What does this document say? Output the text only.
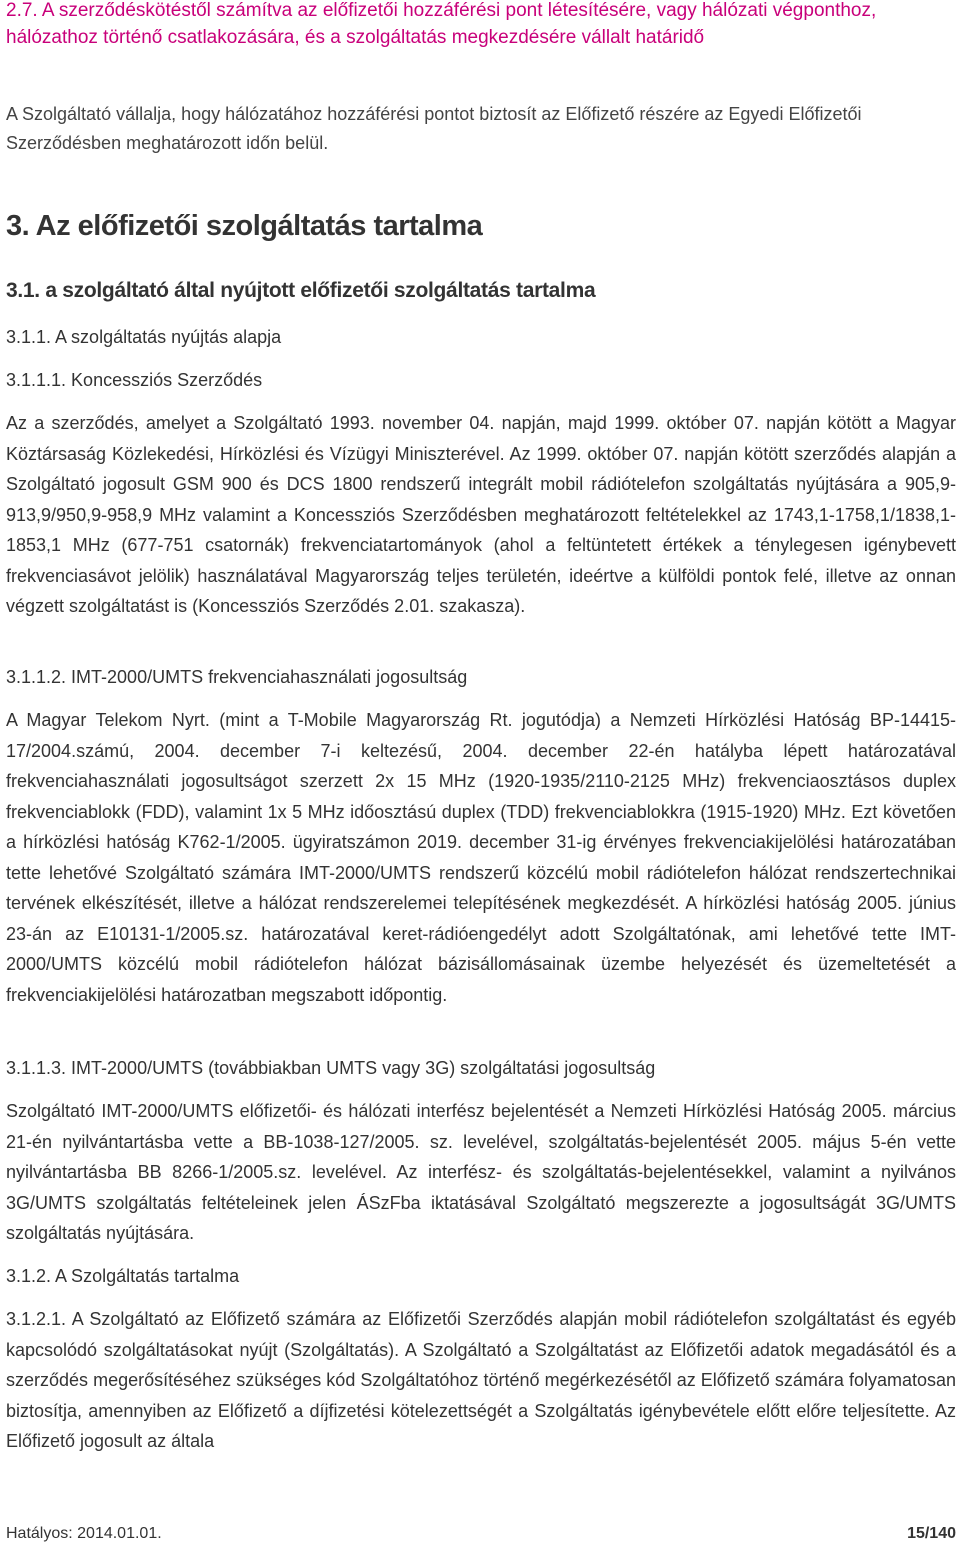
2.7. A szerződéskötéstől számítva az előfizetői hozzáférési pont létesítésére, vagy hálózati végponthoz, hálózathoz történő csatlakozására, és a szolgáltatás megkezdésére vállalt határidő

A Szolgáltató vállalja, hogy hálózatához hozzáférési pontot biztosít az Előfizető részére az Egyedi Előfizetői Szerződésben meghatározott időn belül.

3. Az előfizetői szolgáltatás tartalma
3.1. a szolgáltató által nyújtott előfizetői szolgáltatás tartalma

3.1.1. A szolgáltatás nyújtás alapja

3.1.1.1. Koncessziós Szerződés

Az a szerződés, amelyet a Szolgáltató 1993. november 04. napján, majd 1999. október 07. napján kötött a Magyar Köztársaság Közlekedési, Hírközlési és Vízügyi Miniszterével. Az 1999. október 07. napján kötött szerződés alapján a Szolgáltató jogosult GSM 900 és DCS 1800 rendszerű integrált mobil rádiótelefon szolgáltatás nyújtására a 905,9-913,9/950,9-958,9 MHz valamint a Koncessziós Szerződésben meghatározott feltételekkel az 1743,1-1758,1/1838,1-1853,1 MHz (677-751 csatornák) frekvenciatartományok (ahol a feltüntetett értékek a ténylegesen igénybevett frekvenciasávot jelölik) használatával Magyarország teljes területén, ideértve a külföldi pontok felé, illetve az onnan végzett szolgáltatást is (Koncessziós Szerződés 2.01. szakasza).

3.1.1.2. IMT-2000/UMTS frekvenciahasználati jogosultság

A Magyar Telekom Nyrt. (mint a T-Mobile Magyarország Rt. jogutódja) a Nemzeti Hírközlési Hatóság BP-14415-17/2004.számú, 2004. december 7-i keltezésű, 2004. december 22-én hatályba lépett határozatával frekvenciahasználati jogosultságot szerzett 2x 15 MHz (1920-1935/2110-2125 MHz) frekvenciaosztásos duplex frekvenciablokk (FDD), valamint 1x 5 MHz időosztású duplex (TDD) frekvenciablokkra (1915-1920) MHz. Ezt követően a hírközlési hatóság K762-1/2005. ügyiratszámon 2019. december 31-ig érvényes frekvenciakijelölési határozatában tette lehetővé Szolgáltató számára IMT-2000/UMTS rendszerű közcélú mobil rádiótelefon hálózat rendszertechnikai tervének elkészítését, illetve a hálózat rendszerelemei telepítésének megkezdését. A hírközlési hatóság 2005. június 23-án az E10131-1/2005.sz. határozatával keret-rádióengedélyt adott Szolgáltatónak, ami lehetővé tette IMT-2000/UMTS közcélú mobil rádiótelefon hálózat bázisállomásainak üzembe helyezését és üzemeltetését a frekvenciakijelölési határozatban megszabott időpontig.

3.1.1.3. IMT-2000/UMTS (továbbiakban UMTS vagy 3G) szolgáltatási jogosultság

Szolgáltató IMT-2000/UMTS előfizetői- és hálózati interfész bejelentését a Nemzeti Hírközlési Hatóság 2005. március 21-én nyilvántartásba vette a BB-1038-127/2005. sz. levelével, szolgáltatás-bejelentését 2005. május 5-én vette nyilvántartásba BB 8266-1/2005.sz. levelével. Az interfész- és szolgáltatás-bejelentésekkel, valamint a nyilvános 3G/UMTS szolgáltatás feltételeinek jelen ÁSzFba iktatásával Szolgáltató megszerezte a jogosultságát 3G/UMTS szolgáltatás nyújtására.

3.1.2. A Szolgáltatás tartalma

3.1.2.1. A Szolgáltató az Előfizető számára az Előfizetői Szerződés alapján mobil rádiótelefon szolgáltatást és egyéb kapcsolódó szolgáltatásokat nyújt (Szolgáltatás). A Szolgáltató a Szolgáltatást az Előfizetői adatok megadásától és a szerződés megerősítéséhez szükséges kód Szolgáltatóhoz történő megérkezésétől az Előfizető számára folyamatosan biztosítja, amennyiben az Előfizető a díjfizetési kötelezettségét a Szolgáltatás igénybevétele előtt előre teljesítette. Az Előfizető jogosult az általa

Hatályos: 2014.01.01.	15/140
